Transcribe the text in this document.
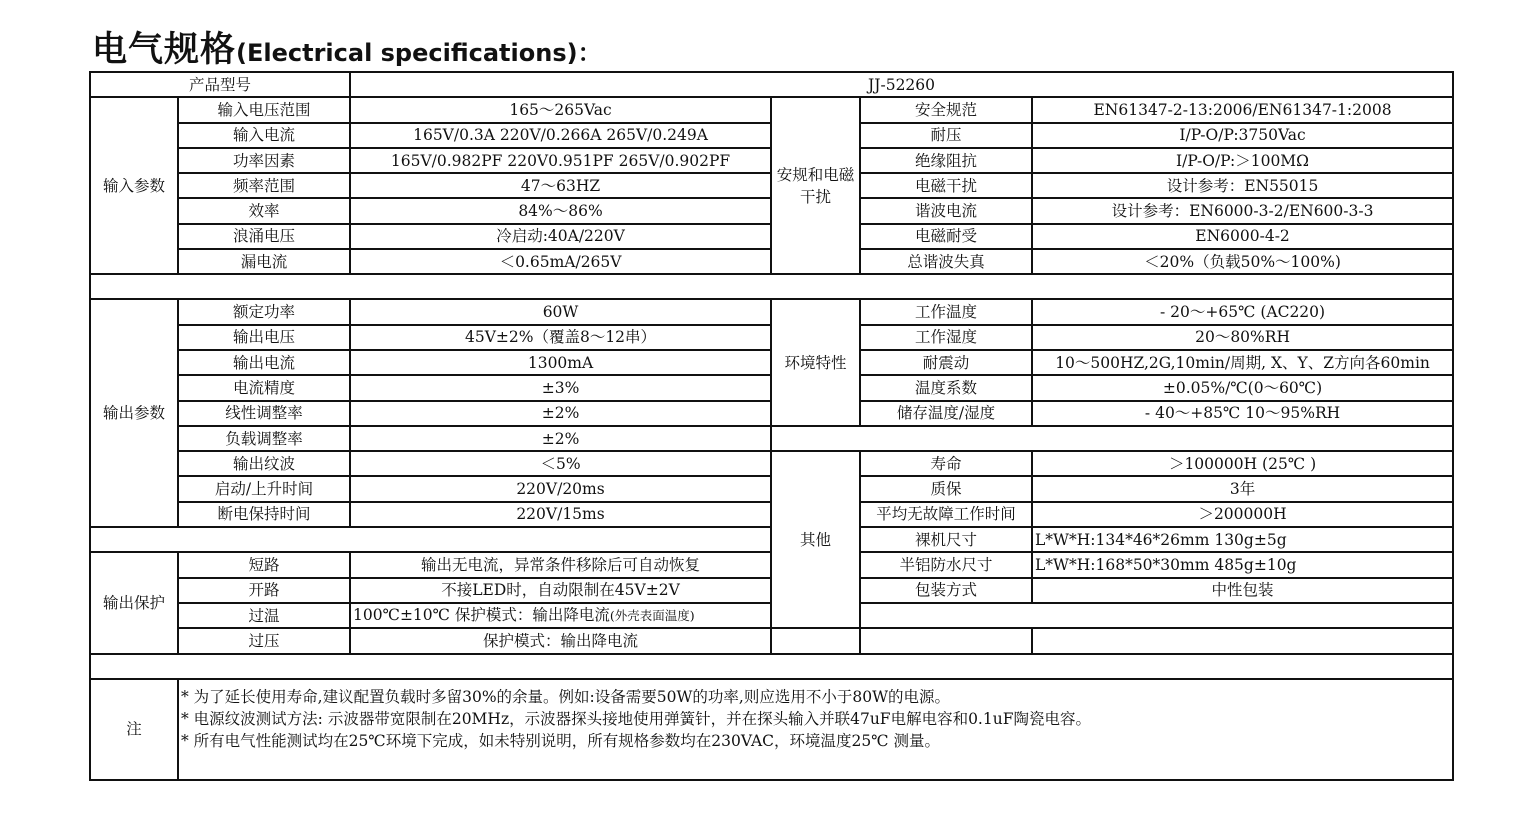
电气规格(Electrical specifications)：
产品型号		JJ-52260			
输入参数	输入电压范围	165～265Vac	安规和电磁干扰	安全规范	EN61347-2-13:2006/EN61347-1:2008
	输入电流	165V/0.3A 220V/0.266A 265V/0.249A		耐压	I/P-O/P:3750Vac
	功率因素	165V/0.982PF 220V0.951PF 265V/0.902PF		绝缘阻抗	I/P-O/P:＞100MΩ
	频率范围	47～63HZ		电磁干扰	设计参考：EN55015
	效率	84%～86%		谐波电流	设计参考：EN6000-3-2/EN600-3-3
	浪涌电压	冷启动:40A/220V		电磁耐受	EN6000-4-2
	漏电流	＜0.65mA/265V		总谐波失真	＜20%（负载50%～100%)

输出参数	额定功率	60W	环境特性	工作温度	- 20～+65℃ (AC220)
	输出电压	45V±2%（覆盖8～12串）		工作湿度	20～80%RH
	输出电流	1300mA		耐震动	10～500HZ,2G,10min/周期, X、Y、Z方向各60min
	电流精度	±3%		温度系数	±0.05%/℃(0～60℃)
	线性调整率	±2%		储存温度/湿度	- 40～+85℃ 10～95%RH
	负载调整率	±2%			
	输出纹波	＜5%	其他	寿命	＞100000H (25℃ )
	启动/上升时间	220V/20ms		质保	3年
	断电保持时间	220V/15ms		平均无故障工作时间	＞200000H
				裸机尺寸	L*W*H:134*46*26mm 130g±5g
输出保护	短路	输出无电流，异常条件移除后可自动恢复		半铝防水尺寸	L*W*H:168*50*30mm 485g±10g
	开路	不接LED时，自动限制在45V±2V		包装方式	中性包装
	过温	100℃±10℃ 保护模式：输出降电流(外壳表面温度)			
	过压	保护模式：输出降电流			

注	* 为了延长使用寿命,建议配置负载时多留30%的余量。例如:设备需要50W的功率,则应选用不小于80W的电源。
* 电源纹波测试方法: 示波器带宽限制在20MHz，示波器探头接地使用弹簧针，并在探头输入并联47uF电解电容和0.1uF陶瓷电容。
* 所有电气性能测试均在25℃环境下完成，如未特别说明，所有规格参数均在230VAC，环境温度25℃ 测量。				
